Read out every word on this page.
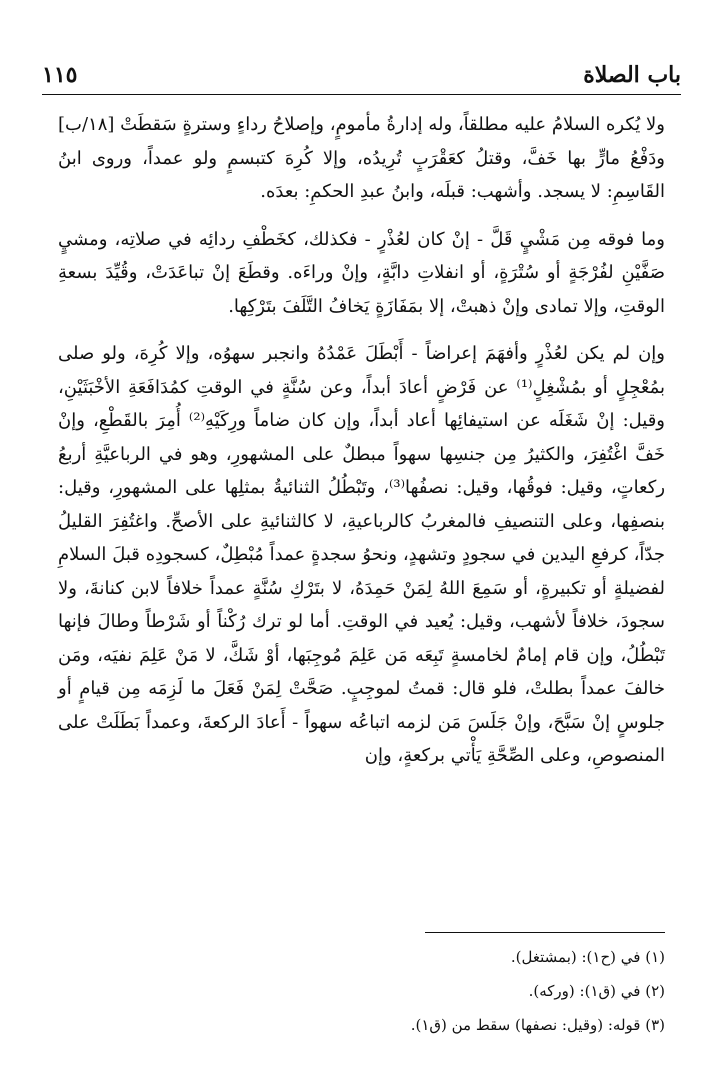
١١٥	باب الصلاة

ولا يُكره السلامُ عليه مطلقاً، وله إدارةُ مأمومٍ، وإصلاحُ رداءٍ وسترةٍ سَقطَتْ [١٨/ب] ودَفْعُ مارٍّ بها خَفَّ، وقتلُ كعَقْرَبٍ تُرِيدُه، وإلا كُرِهَ كتبسمٍ ولو عمداً، وروى ابنُ القَاسِمِ: لا يسجد. وأشهب: قبلَه، وابنُ عبدِ الحكمِ: بعدَه.

وما فوقه مِن مَشْيٍ قَلَّ - إنْ كان لعُذْرٍ - فكذلك، كخَطْفِ ردائِه في صلاتِه، ومشيٍ صَفَّيْنِ لفُرْجَةٍ أو سُتْرَةٍ، أو انفلاتِ دابَّةٍ، وإنْ وراءَه. وقطَعَ إنْ تباعَدَتْ، وقُيِّدَ بسعةِ الوقتِ، وإلا تمادى وإنْ ذهبتْ، إلا بمَفَازَةٍ يَخافُ التَّلَفَ بتَرْكِها.

وإن لم يكن لعُذْرٍ وأفهَمَ إعراضاً - أَبْطَلَ عَمْدُهُ وانجبر سهوُه، وإلا كُرِهَ، ولو صلى بمُعْجِلٍ أو بمُشْغِلٍ⁽¹⁾ عن فَرْضٍ أعادَ أبداً، وعن سُنَّةٍ في الوقتِ كمُدَافَعَةِ الأخْبَثَيْنِ، وقيل: إنْ شَغَلَه عن استيفائِها أعاد أبداً، وإن كان ضاماً ورِكَيْهِ⁽²⁾ أُمِرَ بالقَطْعِ، وإنْ خَفَّ اغْتُفِرَ، والكثيرُ مِن جنسِها سهواً مبطلٌ على المشهورِ، وهو في الرباعيَّةِ أربعُ ركعاتٍ، وقيل: فوقُها، وقيل: نصفُها⁽³⁾، وتَبْطُلُ الثنائيةُ بمثلِها على المشهورِ، وقيل: بنصفِها، وعلى التنصيفِ فالمغربُ كالرباعيةِ، لا كالثنائيةِ على الأصحِّ. واغتُفِرَ القليلُ جدّاً، كرفعِ اليدين في سجودٍ وتشهدٍ، ونحوُ سجدةٍ عمداً مُبْطِلٌ، كسجودِه قبلَ السلامِ لفضيلةٍ أو تكبيرةٍ، أو سَمِعَ اللهُ لِمَنْ حَمِدَهُ، لا بتَرْكِ سُنَّةٍ عمداً خلافاً لابن كنانةَ، ولا سجودَ، خلافاً لأشهب، وقيل: يُعيد في الوقتِ. أما لو ترك رُكْناً أو شَرْطاً وطالَ فإنها تَبْطُلُ، وإن قام إمامٌ لخامسةٍ تَبِعَه مَن عَلِمَ مُوجِبَها، أوْ شَكَّ، لا مَنْ عَلِمَ نفيَه، ومَن خالفَ عمداً بطلتْ، فلو قال: قمتُ لموجِبٍ. صَحَّتْ لِمَنْ فَعَلَ ما لَزِمَه مِن قيامٍ أو جلوسٍ إنْ سَبَّحَ، وإنْ جَلَسَ مَن لزمه اتباعُه سهواً - أَعادَ الركعةَ، وعمداً بَطَلَتْ على المنصوصِ، وعلى الصِّحَّةِ يَأْتي بركعةٍ، وإن

(١) في (ح١): (بمشتغل).

(٢) في (ق١): (وركه).

(٣) قوله: (وقيل: نصفها) سقط من (ق١).
